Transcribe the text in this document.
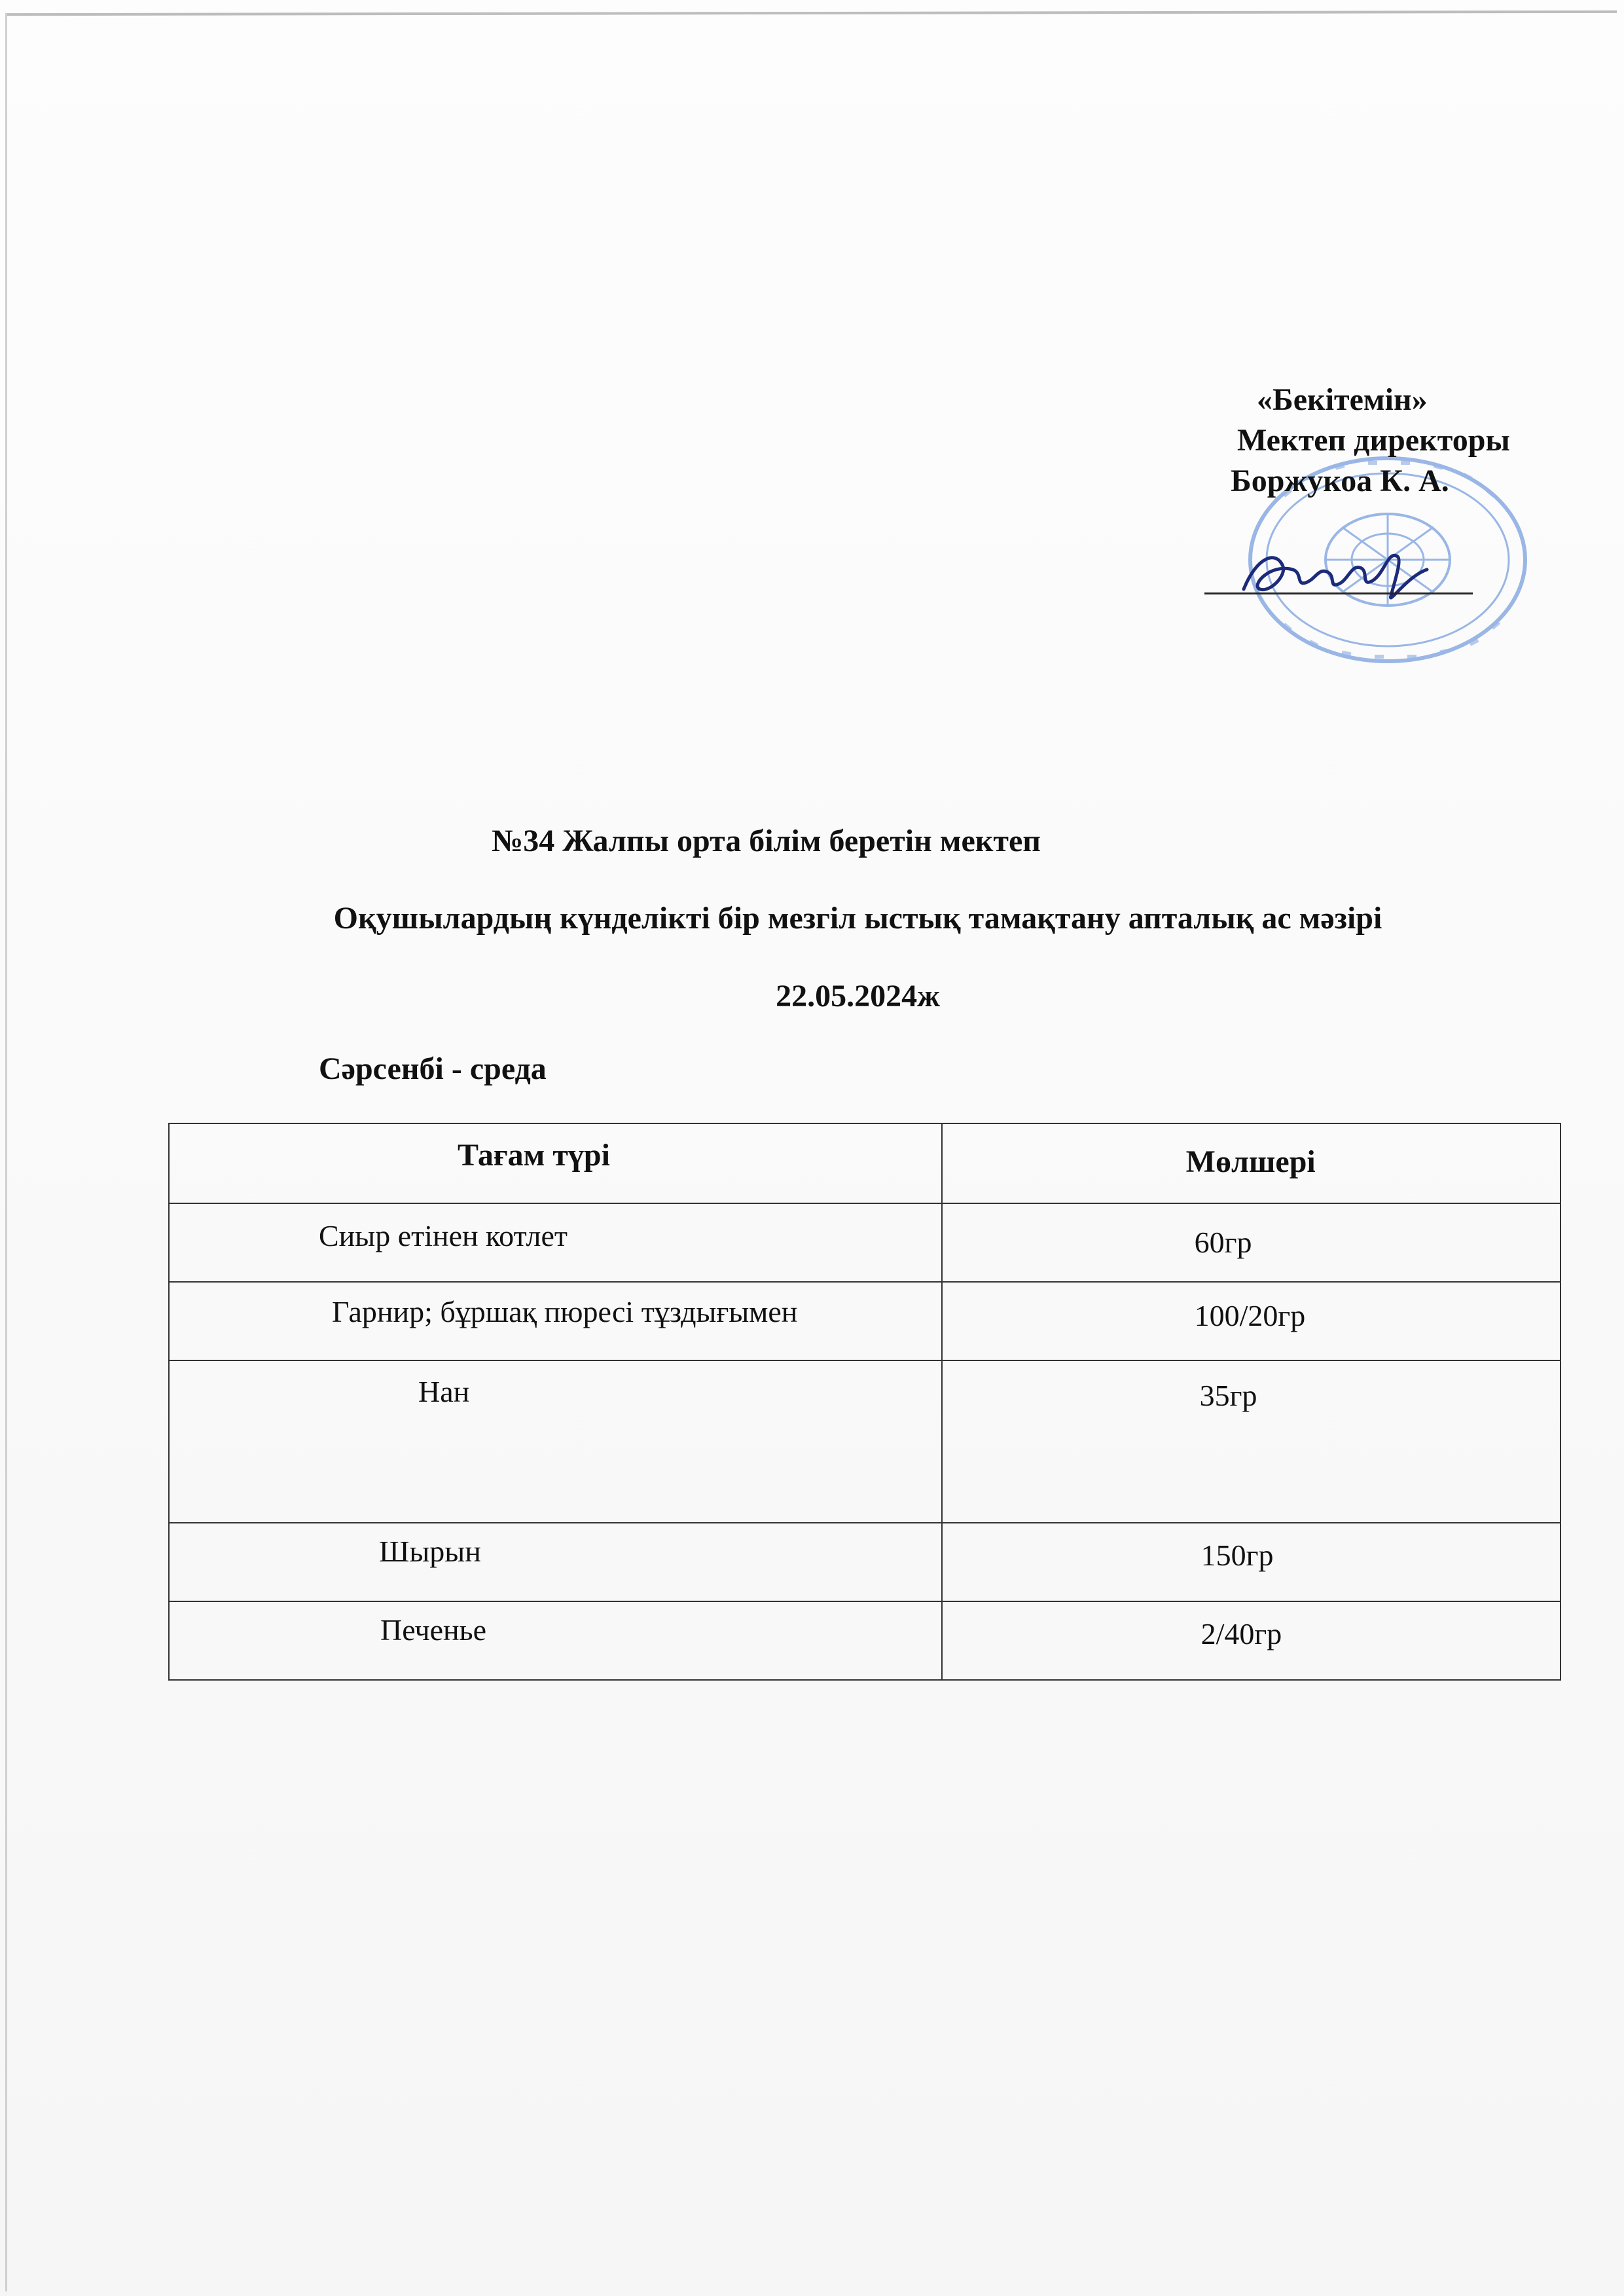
«Бекітемін»
Мектеп директоры
Боржукоа К. А.
№34 Жалпы орта білім беретін мектеп
Оқушылардың күнделікті бір мезгіл ыстық тамақтану апталық ас мәзірі
22.05.2024ж
Сәрсенбі - среда
Тағам түрі	Мөлшері

Сиыр етінен котлет	60гр

Гарнир; бұршақ пюресі тұздығымен	100/20гр

Нан	35гр

Шырын	150гр

Печенье	2/40гр
